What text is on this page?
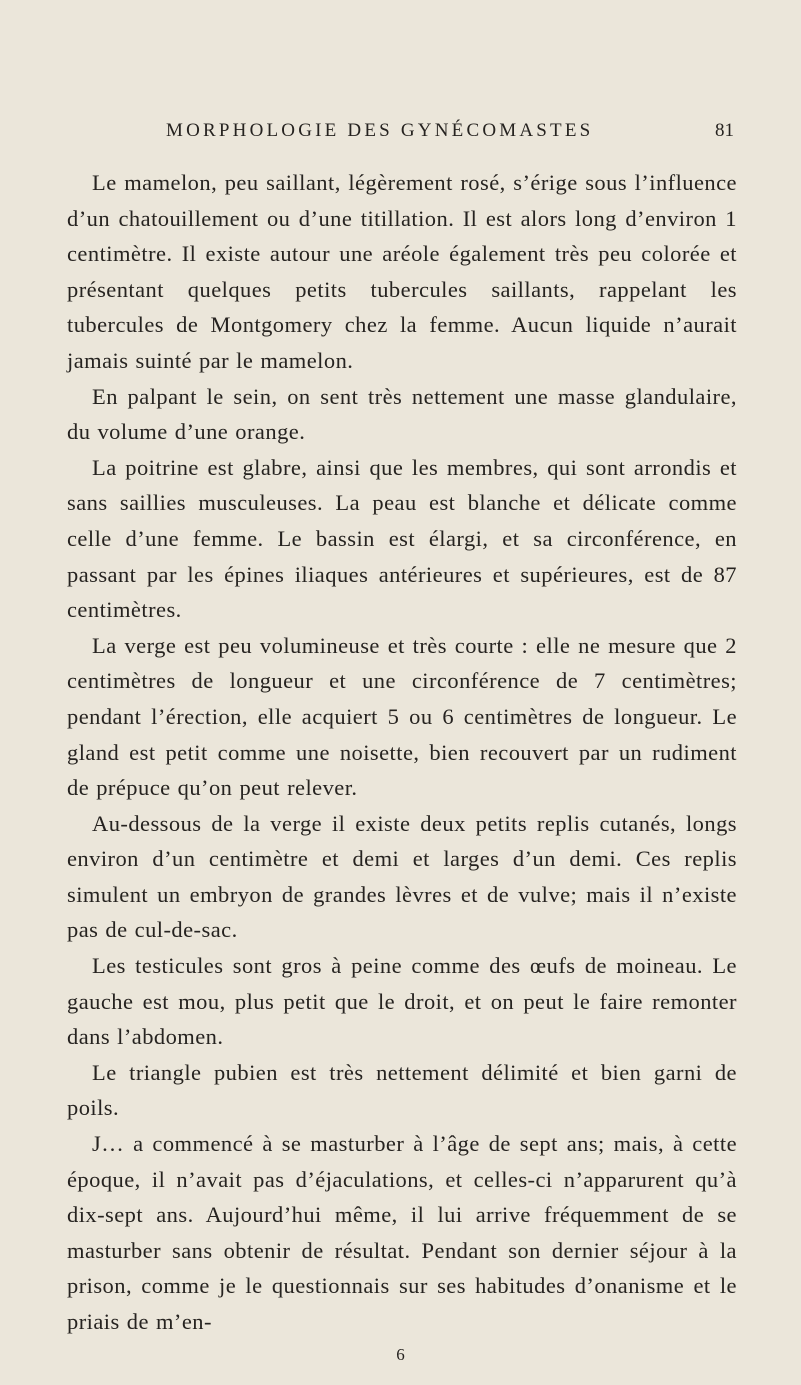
MORPHOLOGIE DES GYNÉCOMASTES	81

Le mamelon, peu saillant, légèrement rosé, s’érige sous l’influence d’un chatouillement ou d’une titillation. Il est alors long d’environ 1 centimètre. Il existe autour une aréole également très peu colorée et présentant quelques petits tubercules saillants, rappelant les tubercules de Montgomery chez la femme. Aucun liquide n’aurait jamais suinté par le mamelon.

En palpant le sein, on sent très nettement une masse glandulaire, du volume d’une orange.

La poitrine est glabre, ainsi que les membres, qui sont arrondis et sans saillies musculeuses. La peau est blanche et délicate comme celle d’une femme. Le bassin est élargi, et sa circonférence, en passant par les épines iliaques antérieures et supérieures, est de 87 centimètres.

La verge est peu volumineuse et très courte : elle ne mesure que 2 centimètres de longueur et une circonférence de 7 centimètres; pendant l’érection, elle acquiert 5 ou 6 centimètres de longueur. Le gland est petit comme une noisette, bien recouvert par un rudiment de prépuce qu’on peut relever.

Au-dessous de la verge il existe deux petits replis cutanés, longs environ d’un centimètre et demi et larges d’un demi. Ces replis simulent un embryon de grandes lèvres et de vulve; mais il n’existe pas de cul-de-sac.

Les testicules sont gros à peine comme des œufs de moineau. Le gauche est mou, plus petit que le droit, et on peut le faire remonter dans l’abdomen.

Le triangle pubien est très nettement délimité et bien garni de poils.

J… a commencé à se masturber à l’âge de sept ans; mais, à cette époque, il n’avait pas d’éjaculations, et celles-ci n’apparurent qu’à dix-sept ans. Aujourd’hui même, il lui arrive fréquemment de se masturber sans obtenir de résultat. Pendant son dernier séjour à la prison, comme je le questionnais sur ses habitudes d’onanisme et le priais de m’en-

6
